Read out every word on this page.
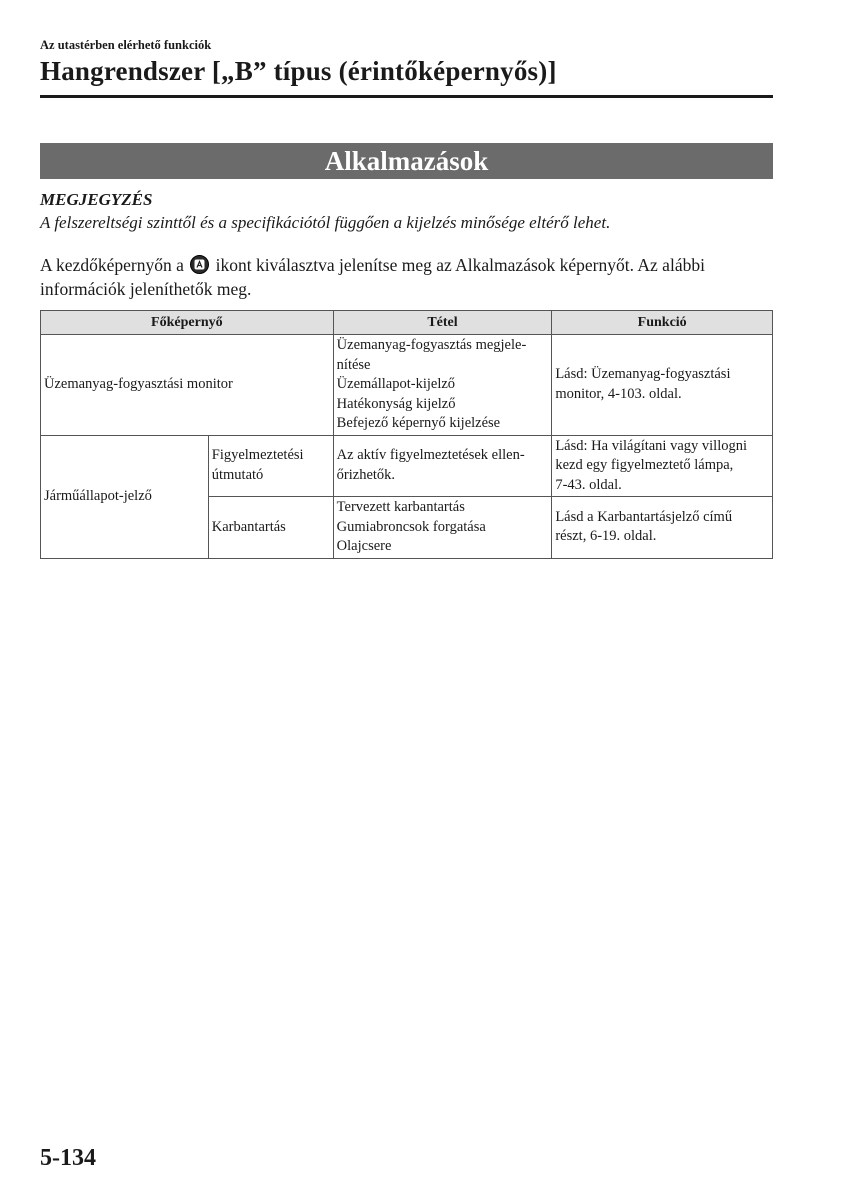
Az utastérben elérhető funkciók
Hangrendszer [„B” típus (érintőképernyős)]
Alkalmazások
MEGJEGYZÉS
A felszereltségi szinttől és a specifikációtól függően a kijelzés minősége eltérő lehet.
A kezdőképernyőn a ikont kiválasztva jelenítse meg az Alkalmazások képernyőt. Az alábbi információk jeleníthetők meg.
Főképernyő		Tétel	Funkció
Üzemanyag-fogyasztási monitor		Üzemanyag-fogyasztás megjele-
nítése
Üzemállapot-kijelző
Hatékonyság kijelző
Befejező képernyő kijelzése	Lásd: Üzemanyag-fogyasztási
monitor, 4-103. oldal.

Járműállapot-jelző	Figyelmeztetési
útmutató	Az aktív figyelmeztetések ellen-
őrizhetők.	Lásd: Ha világítani vagy villogni
kezd egy figyelmeztető lámpa,
7-43. oldal.

	Karbantartás	Tervezett karbantartás
Gumiabroncsok forgatása
Olajcsere	Lásd a Karbantartásjelző című
részt, 6-19. oldal.
5-134
